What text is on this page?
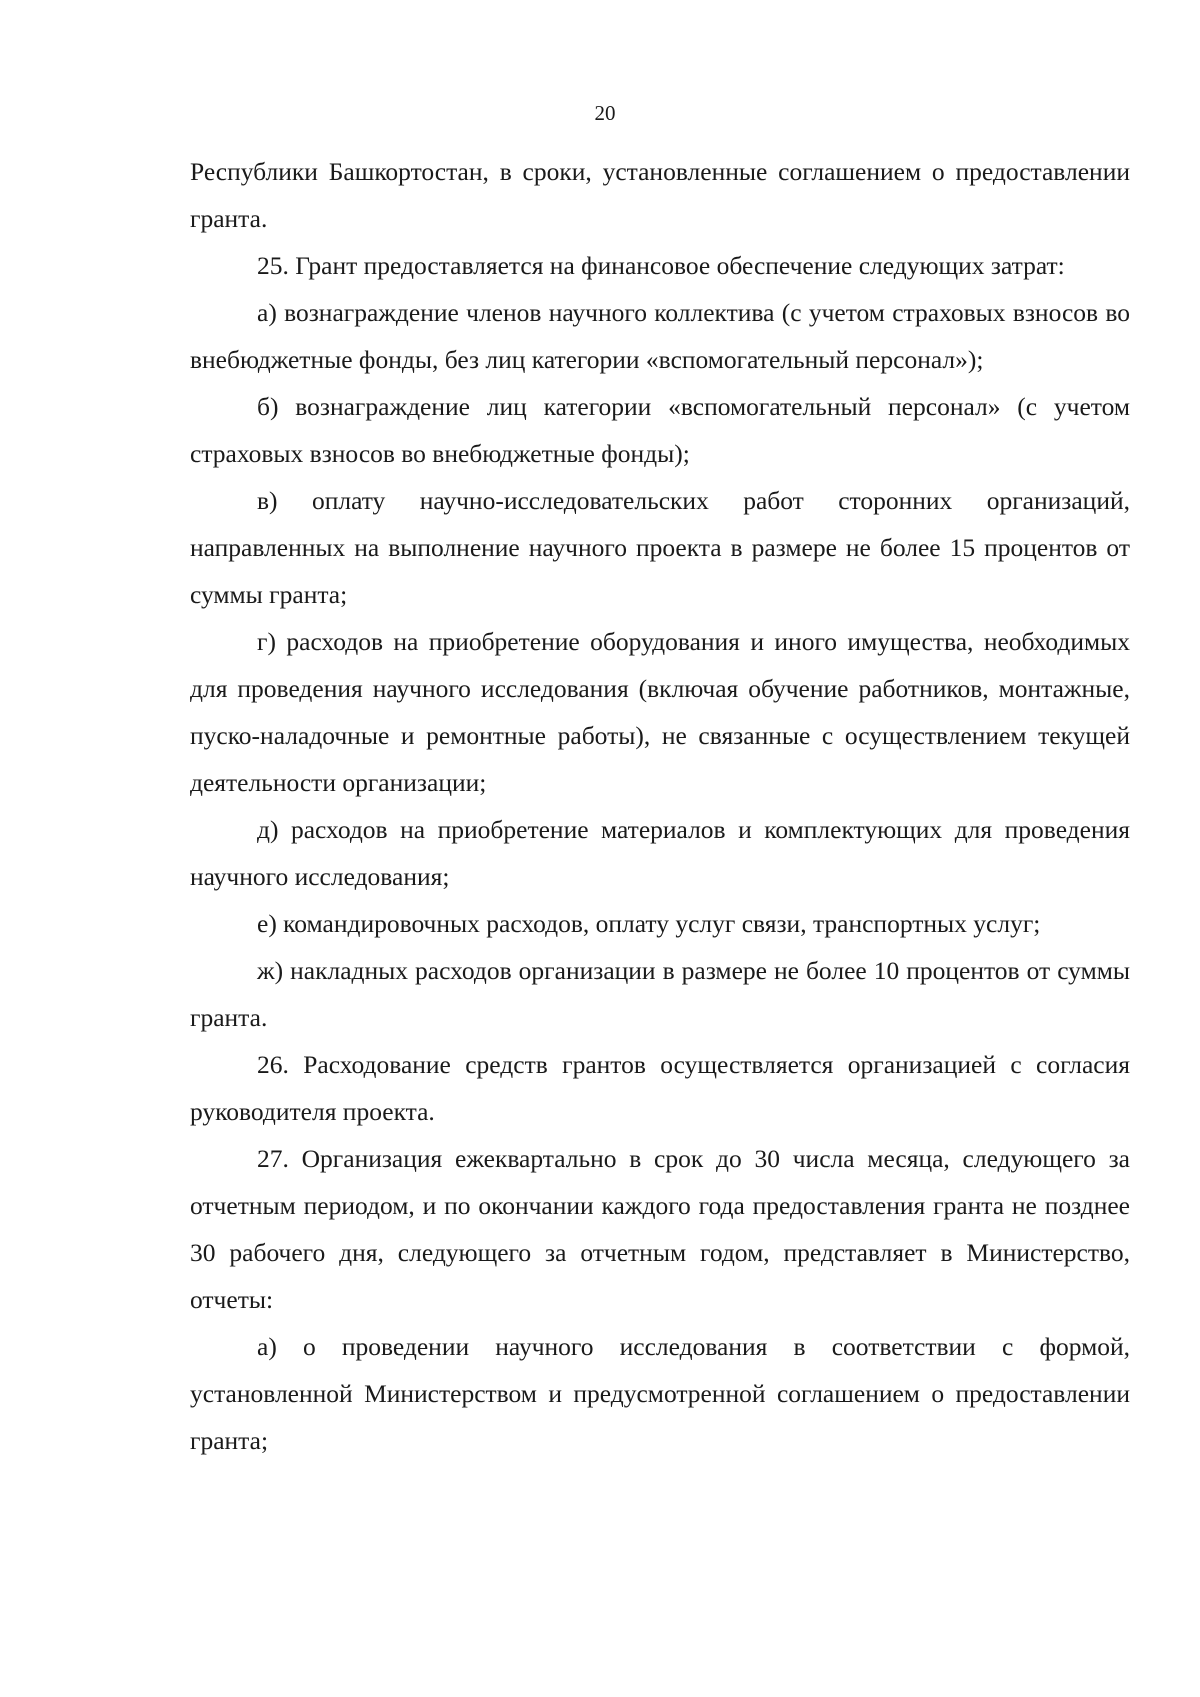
20

Республики Башкортостан, в сроки, установленные соглашением о предоставлении гранта.

25. Грант предоставляется на финансовое обеспечение следующих затрат:

а) вознаграждение членов научного коллектива (с учетом страховых взносов во внебюджетные фонды, без лиц категории «вспомогательный персонал»);

б) вознаграждение лиц категории «вспомогательный персонал» (с учетом страховых взносов во внебюджетные фонды);

в) оплату научно-исследовательских работ сторонних организаций, направленных на выполнение научного проекта в размере не более 15 процентов от суммы гранта;

г) расходов на приобретение оборудования и иного имущества, необходимых для проведения научного исследования (включая обучение работников, монтажные, пуско-наладочные и ремонтные работы), не связанные с осуществлением текущей деятельности организации;

д) расходов на приобретение материалов и комплектующих для проведения научного исследования;

е) командировочных расходов, оплату услуг связи, транспортных услуг;

ж) накладных расходов организации в размере не более 10 процентов от суммы гранта.

26. Расходование средств грантов осуществляется организацией с согласия руководителя проекта.

27. Организация ежеквартально в срок до 30 числа месяца, следующего за отчетным периодом, и по окончании каждого года предоставления гранта не позднее 30 рабочего дня, следующего за отчетным годом, представляет в Министерство, отчеты:

а) о проведении научного исследования в соответствии с формой, установленной Министерством и предусмотренной соглашением о предоставлении гранта;
